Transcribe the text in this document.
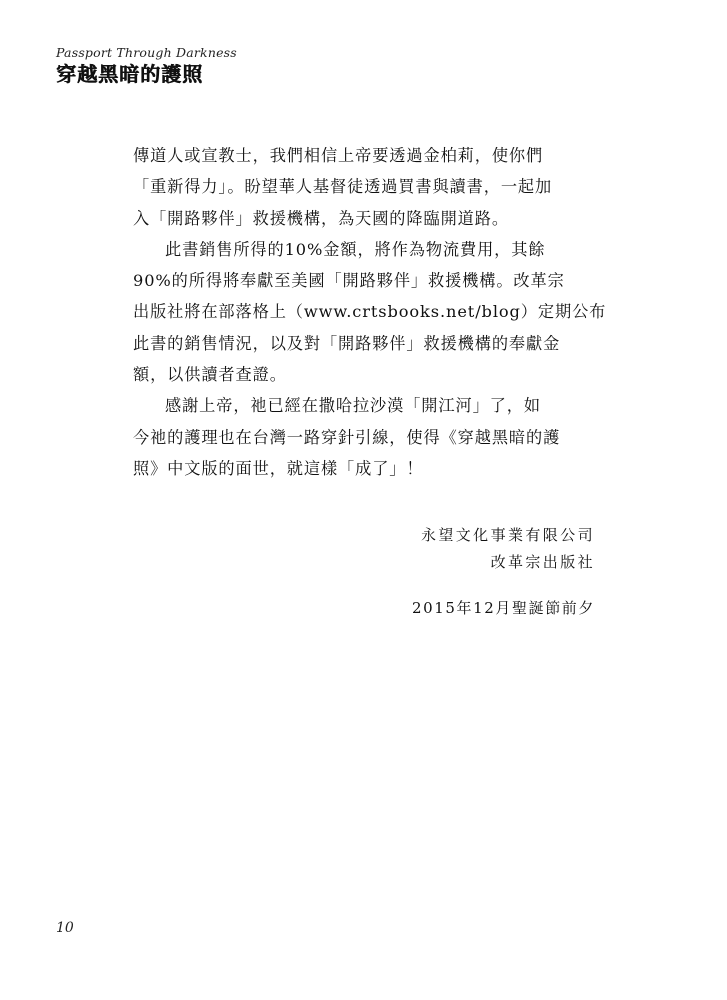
Passport Through Darkness
穿越黑暗的護照
傳道人或宣教士，我們相信上帝要透過金柏莉，使你們
「重新得力」。盼望華人基督徒透過買書與讀書，一起加
入「開路夥伴」救援機構，為天國的降臨開道路。
此書銷售所得的10%金額，將作為物流費用，其餘
90%的所得將奉獻至美國「開路夥伴」救援機構。改革宗
出版社將在部落格上（www.crtsbooks.net/blog）定期公布
此書的銷售情況，以及對「開路夥伴」救援機構的奉獻金
額，以供讀者查證。
感謝上帝，祂已經在撒哈拉沙漠「開江河」了，如
今祂的護理也在台灣一路穿針引線，使得《穿越黑暗的護
照》中文版的面世，就這樣「成了」！
永望文化事業有限公司
改革宗出版社
2015年12月聖誕節前夕
10
